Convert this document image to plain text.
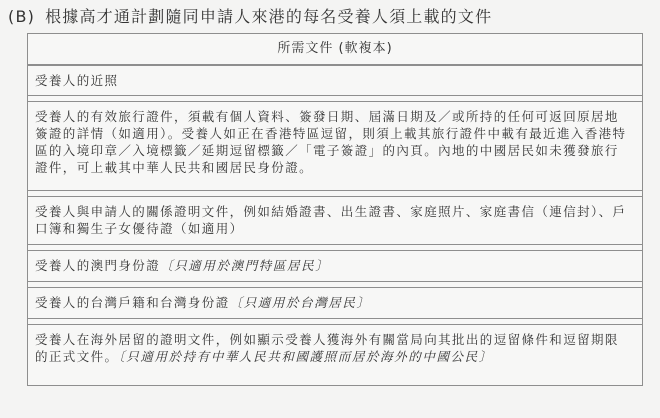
(B) 根據高才通計劃隨同申請人來港的每名受養人須上載的文件
所需文件 (軟複本)
受養人的近照
受養人的有效旅行證件，須載有個人資料、簽發日期、屆滿日期及／或所持的任何可返回原居地簽證的詳情（如適用）。受養人如正在香港特區逗留，則須上載其旅行證件中載有最近進入香港特區的入境印章／入境標籤／延期逗留標籤／「電子簽證」的內頁。內地的中國居民如未獲發旅行證件，可上載其中華人民共和國居民身份證。
受養人與申請人的關係證明文件，例如結婚證書、出生證書、家庭照片、家庭書信（連信封）、戶口簿和獨生子女優待證（如適用）
受養人的澳門身份證〔只適用於澳門特區居民〕
受養人的台灣戶籍和台灣身份證〔只適用於台灣居民〕
受養人在海外居留的證明文件，例如顯示受養人獲海外有關當局向其批出的逗留條件和逗留期限的正式文件。〔只適用於持有中華人民共和國護照而居於海外的中國公民〕
